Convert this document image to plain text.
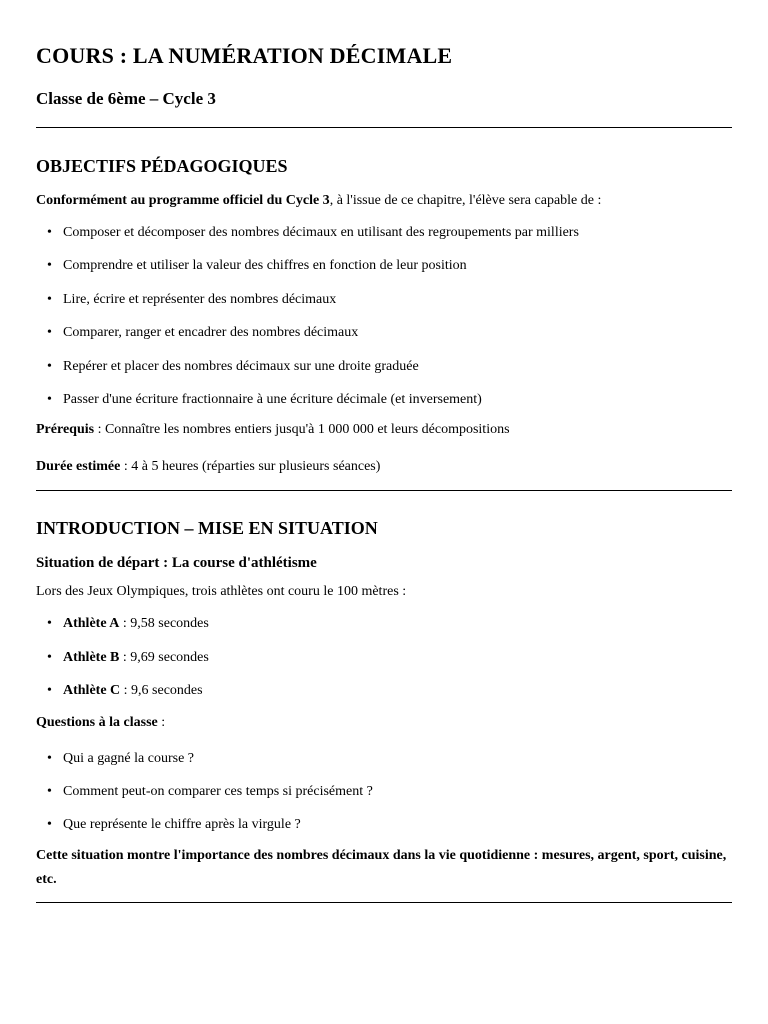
COURS : LA NUMÉRATION DÉCIMALE

Classe de 6ème – Cycle 3

OBJECTIFS PÉDAGOGIQUES

Conformément au programme officiel du Cycle 3, à l'issue de ce chapitre, l'élève sera capable de :

• Composer et décomposer des nombres décimaux en utilisant des regroupements par milliers
• Comprendre et utiliser la valeur des chiffres en fonction de leur position
• Lire, écrire et représenter des nombres décimaux
• Comparer, ranger et encadrer des nombres décimaux
• Repérer et placer des nombres décimaux sur une droite graduée
• Passer d'une écriture fractionnaire à une écriture décimale (et inversement)

Prérequis : Connaître les nombres entiers jusqu'à 1 000 000 et leurs décompositions

Durée estimée : 4 à 5 heures (réparties sur plusieurs séances)

INTRODUCTION – MISE EN SITUATION
Situation de départ : La course d'athlétisme

Lors des Jeux Olympiques, trois athlètes ont couru le 100 mètres :

• Athlète A : 9,58 secondes
• Athlète B : 9,69 secondes
• Athlète C : 9,6 secondes

Questions à la classe :

• Qui a gagné la course ?
• Comment peut-on comparer ces temps si précisément ?
• Que représente le chiffre après la virgule ?

Cette situation montre l'importance des nombres décimaux dans la vie quotidienne : mesures, argent, sport, cuisine, etc.
